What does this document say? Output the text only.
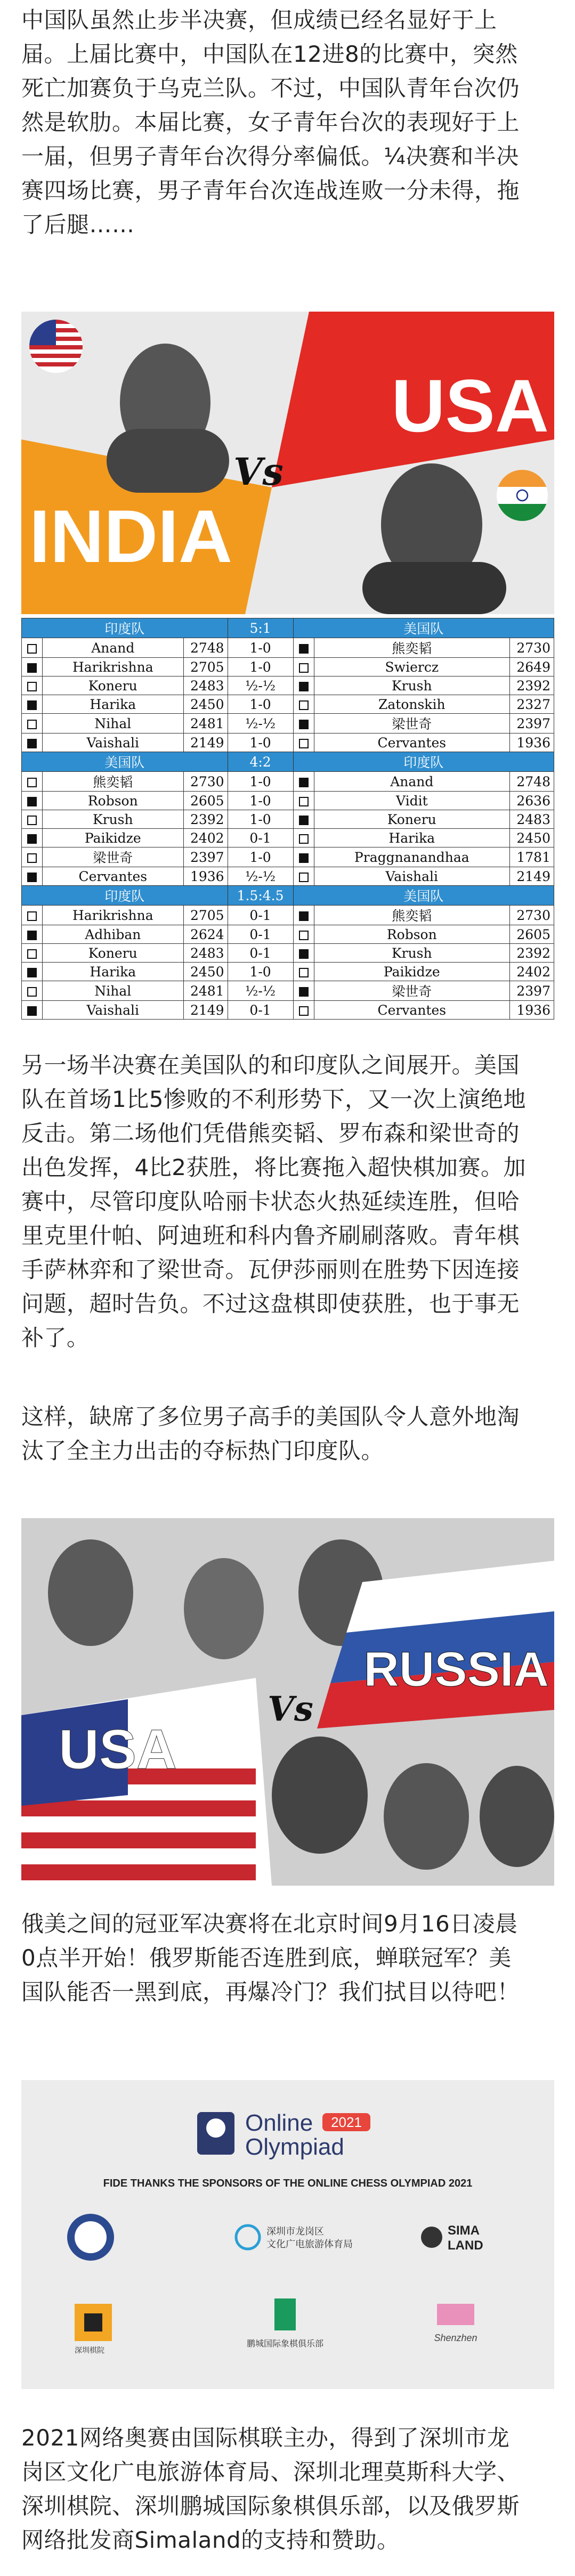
中国队虽然止步半决赛，但成绩已经名显好于上
届。上届比赛中，中国队在12进8的比赛中，突然
死亡加赛负于乌克兰队。不过，中国队青年台次仍
然是软肋。本届比赛，女子青年台次的表现好于上
一届，但男子青年台次得分率偏低。¼决赛和半决
赛四场比赛，男子青年台次连战连败一分未得，拖
了后腿……
USA
INDIA
Vs
印度队			5:1	美国队		
	Anand	2748	1-0		熊奕韬	2730
	Harikrishna	2705	1-0		Swiercz	2649
	Koneru	2483	½-½		Krush	2392
	Harika	2450	1-0		Zatonskih	2327
	Nihal	2481	½-½		梁世奇	2397
	Vaishali	2149	1-0		Cervantes	1936
美国队			4:2	印度队		
	熊奕韬	2730	1-0		Anand	2748
	Robson	2605	1-0		Vidit	2636
	Krush	2392	1-0		Koneru	2483
	Paikidze	2402	0-1		Harika	2450
	梁世奇	2397	1-0		Praggnanandhaa	1781
	Cervantes	1936	½-½		Vaishali	2149
印度队			1.5:4.5	美国队		
	Harikrishna	2705	0-1		熊奕韬	2730
	Adhiban	2624	0-1		Robson	2605
	Koneru	2483	0-1		Krush	2392
	Harika	2450	1-0		Paikidze	2402
	Nihal	2481	½-½		梁世奇	2397
	Vaishali	2149	0-1		Cervantes	1936
另一场半决赛在美国队的和印度队之间展开。美国
队在首场1比5惨败的不利形势下，又一次上演绝地
反击。第二场他们凭借熊奕韬、罗布森和梁世奇的
出色发挥，4比2获胜，将比赛拖入超快棋加赛。加
赛中，尽管印度队哈丽卡状态火热延续连胜，但哈
里克里什帕、阿迪班和科内鲁齐刷刷落败。青年棋
手萨林弈和了梁世奇。瓦伊莎丽则在胜势下因连接
问题，超时告负。不过这盘棋即使获胜，也于事无
补了。
这样，缺席了多位男子高手的美国队令人意外地淘
汰了全主力出击的夺标热门印度队。
RUSSIA
USA
Vs
俄美之间的冠亚军决赛将在北京时间9月16日凌晨
0点半开始！俄罗斯能否连胜到底，蝉联冠军？美
国队能否一黑到底，再爆冷门？我们拭目以待吧！
Online 2021
Olympiad
FIDE THANKS THE SPONSORS OF THE ONLINE CHESS OLYMPIAD 2021
深圳市龙岗区
文化广电旅游体育局
SIMA
LAND
深圳棋院
鹏城国际象棋俱乐部
Shenzhen
2021网络奥赛由国际棋联主办，得到了深圳市龙
岗区文化广电旅游体育局、深圳北理莫斯科大学、
深圳棋院、深圳鹏城国际象棋俱乐部，以及俄罗斯
网络批发商Simaland的支持和赞助。
